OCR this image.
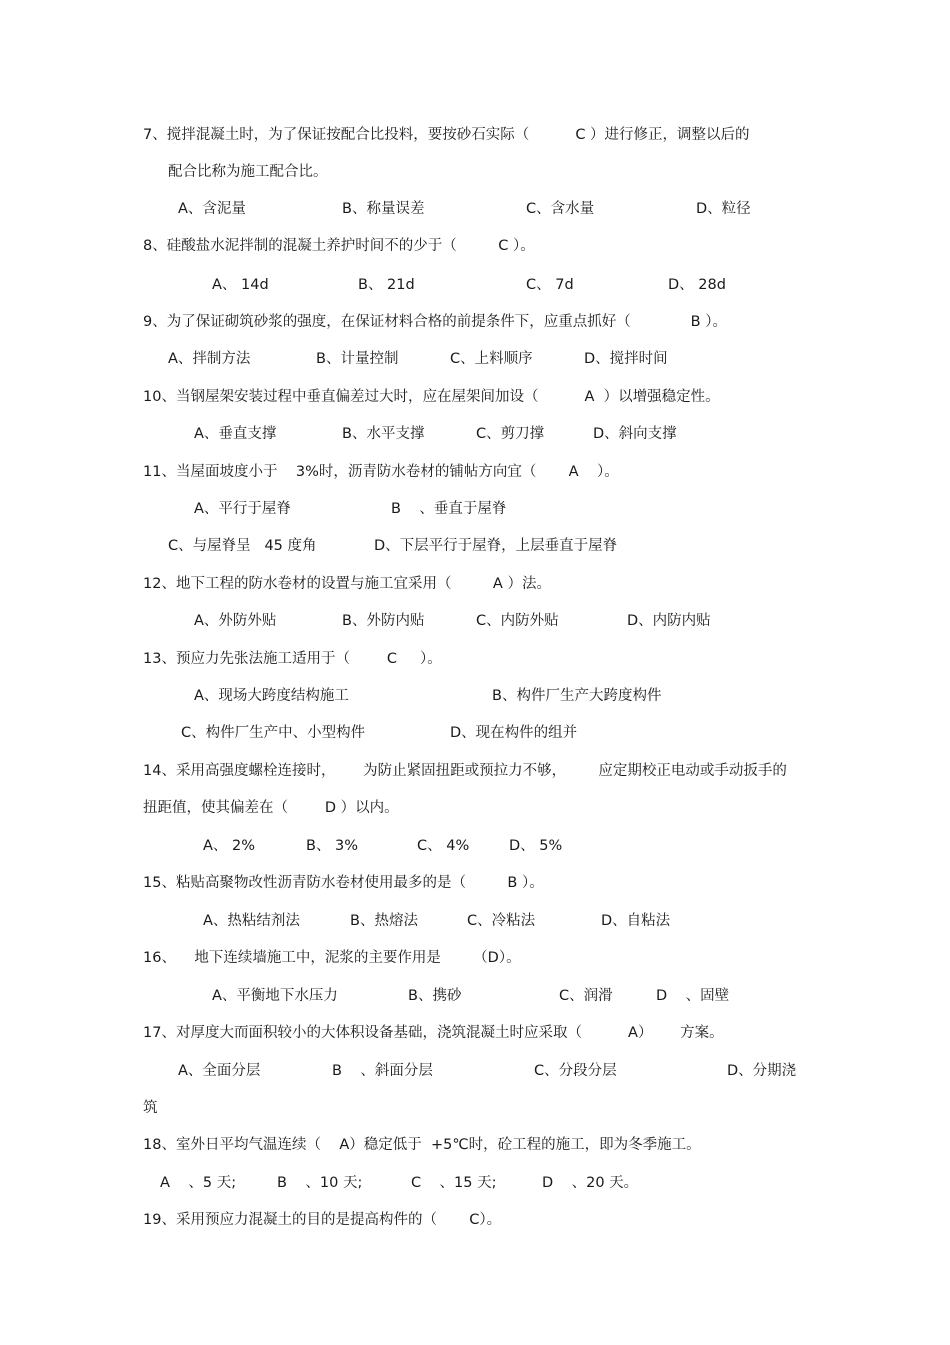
7、搅拌混凝土时，为了保证按配合比投料，要按砂石实际（          C ）进行修正，调整以后的
配合比称为施工配合比。
A、含泥量	B、称量误差	C、含水量	D、粒径
8、硅酸盐水泥拌制的混凝土养护时间不的少于（         C ）。
A、 14d	B、 21d	C、 7d	D、 28d
9、为了保证砌筑砂浆的强度，在保证材料合格的前提条件下，应重点抓好（             B ）。
A、拌制方法	B、计量控制	C、上料顺序	D、搅拌时间
10、当钢屋架安装过程中垂直偏差过大时，应在屋架间加设（          A  ）以增强稳定性。
A、垂直支撑	B、水平支撑	C、剪刀撑	D、斜向支撑
11、当屋面坡度小于    3%时，沥青防水卷材的铺帖方向宜（       A    ）。
A、平行于屋脊	B    、垂直于屋脊
C、与屋脊呈   45 度角	D、下层平行于屋脊，上层垂直于屋脊
12、地下工程的防水卷材的设置与施工宜采用（         A ）法。
A、外防外贴	B、外防内贴	C、内防外贴	D、内防内贴
13、预应力先张法施工适用于（        C     ）。
A、现场大跨度结构施工	B、构件厂生产大跨度构件
C、构件厂生产中、小型构件	D、现在构件的组并
14、采用高强度螺栓连接时，      为防止紧固扭距或预拉力不够，       应定期校正电动或手动扳手的
扭距值，使其偏差在（        D ）以内。
A、 2%	B、 3%	C、 4%	D、 5%
15、粘贴高聚物改性沥青防水卷材使用最多的是（         B ）。
A、热粘结剂法	B、热熔法	C、冷粘法	D、自粘法
16、    地下连续墙施工中，泥浆的主要作用是       （D）。
A、平衡地下水压力	B、携砂	C、润滑	D    、固壁
17、对厚度大而面积较小的大体积设备基础，浇筑混凝土时应采取（          A）      方案。
A、全面分层	B    、斜面分层	C、分段分层	D、分期浇
筑
18、室外日平均气温连续（    A）稳定低于  +5℃时，砼工程的施工，即为冬季施工。
A    、5 天;	B    、10 天;	C    、15 天;	D    、20 天。
19、采用预应力混凝土的目的是提高构件的（       C）。
